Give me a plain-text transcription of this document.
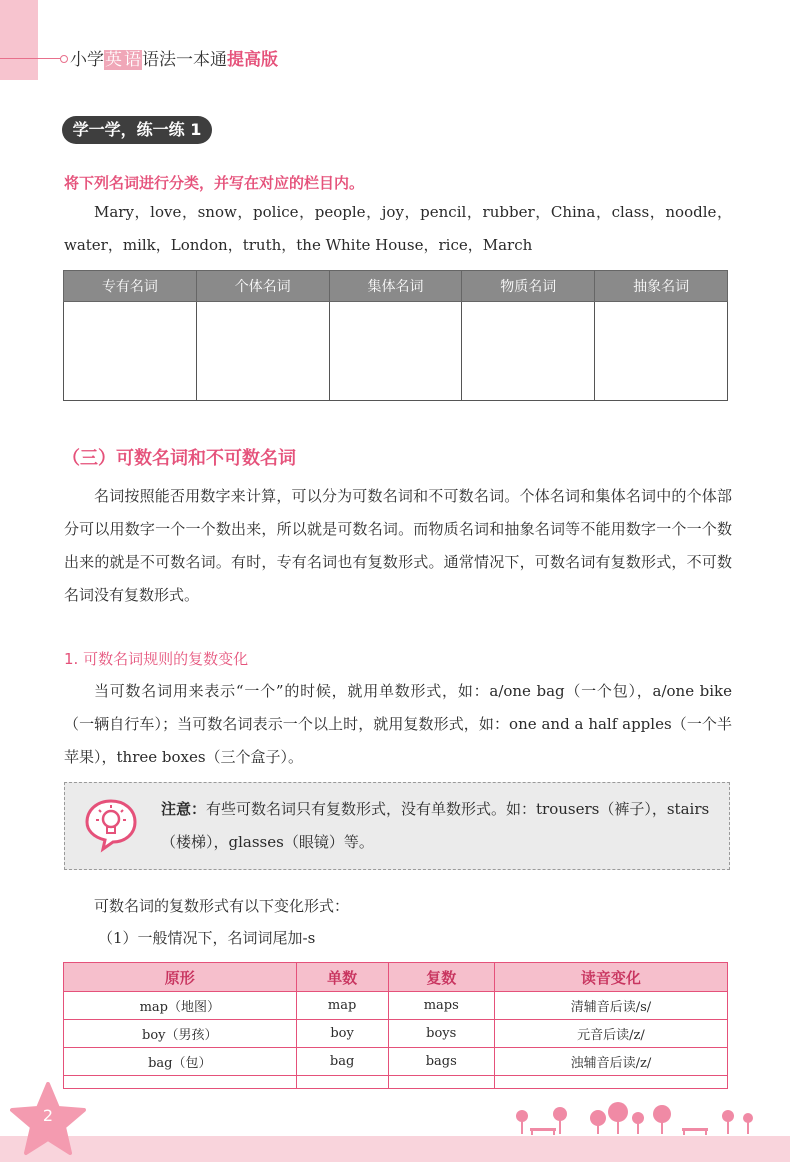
小学英 语语法一本通提高版
学一学，练一练 1
将下列名词进行分类，并写在对应的栏目内。
Mary，love，snow，police，people，joy，pencil，rubber，China，class，noodle，water，milk，London，truth，the White House，rice，March
专有名词	个体名词	集体名词	物质名词	抽象名词

（三）可数名词和不可数名词
名词按照能否用数字来计算，可以分为可数名词和不可数名词。个体名词和集体名词中的个体部分可以用数字一个一个数出来，所以就是可数名词。而物质名词和抽象名词等不能用数字一个一个数出来的就是不可数名词。有时，专有名词也有复数形式。通常情况下，可数名词有复数形式，不可数名词没有复数形式。
1. 可数名词规则的复数变化
当可数名词用来表示“一个”的时候，就用单数形式，如：a/one bag（一个包），a/one bike（一辆自行车）；当可数名词表示一个以上时，就用复数形式，如：one and a half apples（一个半苹果），three boxes（三个盒子）。
注意：有些可数名词只有复数形式，没有单数形式。如：trousers（裤子），stairs（楼梯），glasses（眼镜）等。
可数名词的复数形式有以下变化形式：
（1）一般情况下，名词词尾加-s
原形	单数	复数	读音变化
map（地图）	map	maps	清辅音后读/s/
boy（男孩）	boy	boys	元音后读/z/
bag（包）	bag	bags	浊辅音后读/z/

2
